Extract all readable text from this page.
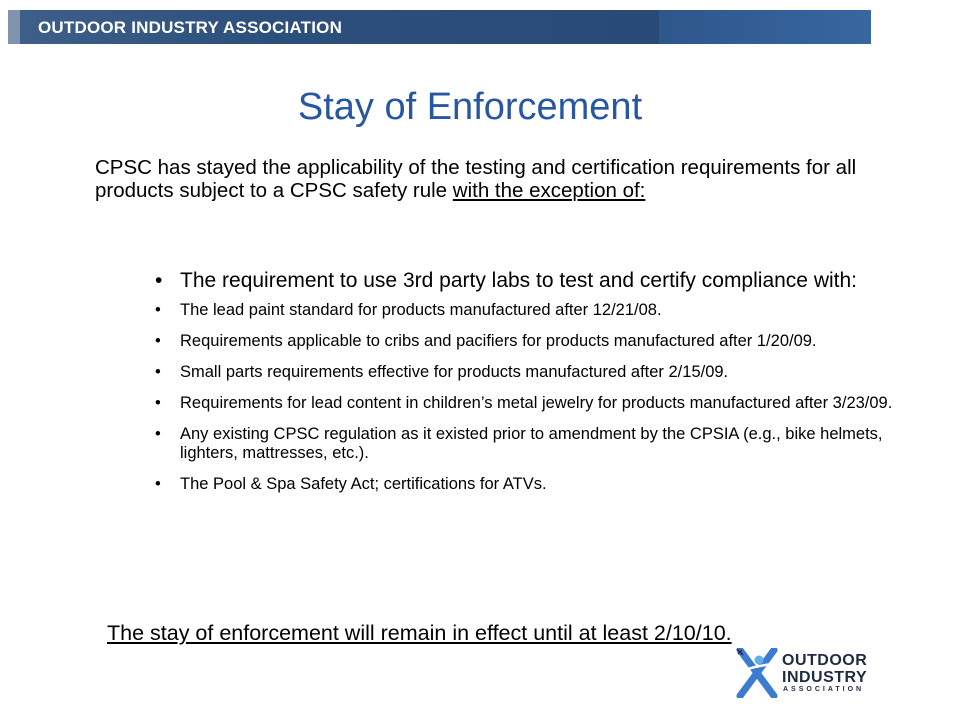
OUTDOOR INDUSTRY ASSOCIATION
Stay of Enforcement
CPSC has stayed the applicability of the testing and certification requirements for all products subject to a CPSC safety rule with the exception of:
• The requirement to use 3rd party labs to test and certify compliance with:
• The lead paint standard for products manufactured after 12/21/08.
• Requirements applicable to cribs and pacifiers for products manufactured after 1/20/09.
• Small parts requirements effective for products manufactured after 2/15/09.
• Requirements for lead content in children’s metal jewelry for products manufactured after 3/23/09.
• Any existing CPSC regulation as it existed prior to amendment by the CPSIA (e.g., bike helmets, lighters, mattresses, etc.).
• The Pool & Spa Safety Act; certifications for ATVs.
The stay of enforcement will remain in effect until at least 2/10/10.
OUTDOOR
INDUSTRY
ASSOCIATION
